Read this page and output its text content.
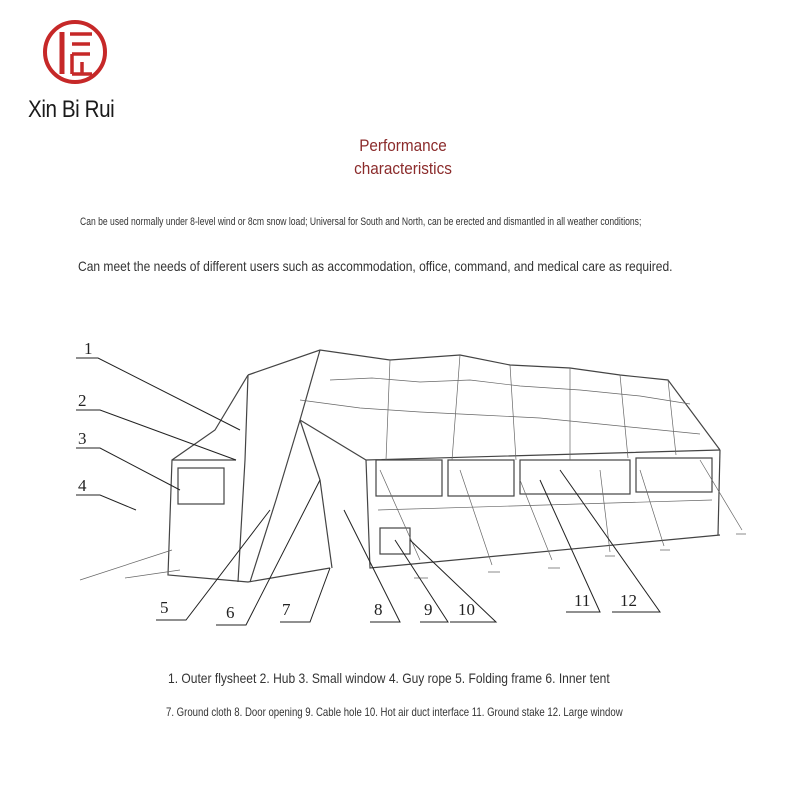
Xin Bi Rui
Performance
characteristics
Can be used normally under 8-level wind or 8cm snow load; Universal for South and North, can be erected and dismantled in all weather conditions;
Can meet the needs of different users such as accommodation, office, command, and medical care as required.
1
2
3
4
5	6	7	8 9 10	11 12
1. Outer flysheet 2. Hub 3. Small window 4. Guy rope 5. Folding frame 6. Inner tent
7. Ground cloth 8. Door opening 9. Cable hole 10. Hot air duct interface 11. Ground stake 12. Large window
